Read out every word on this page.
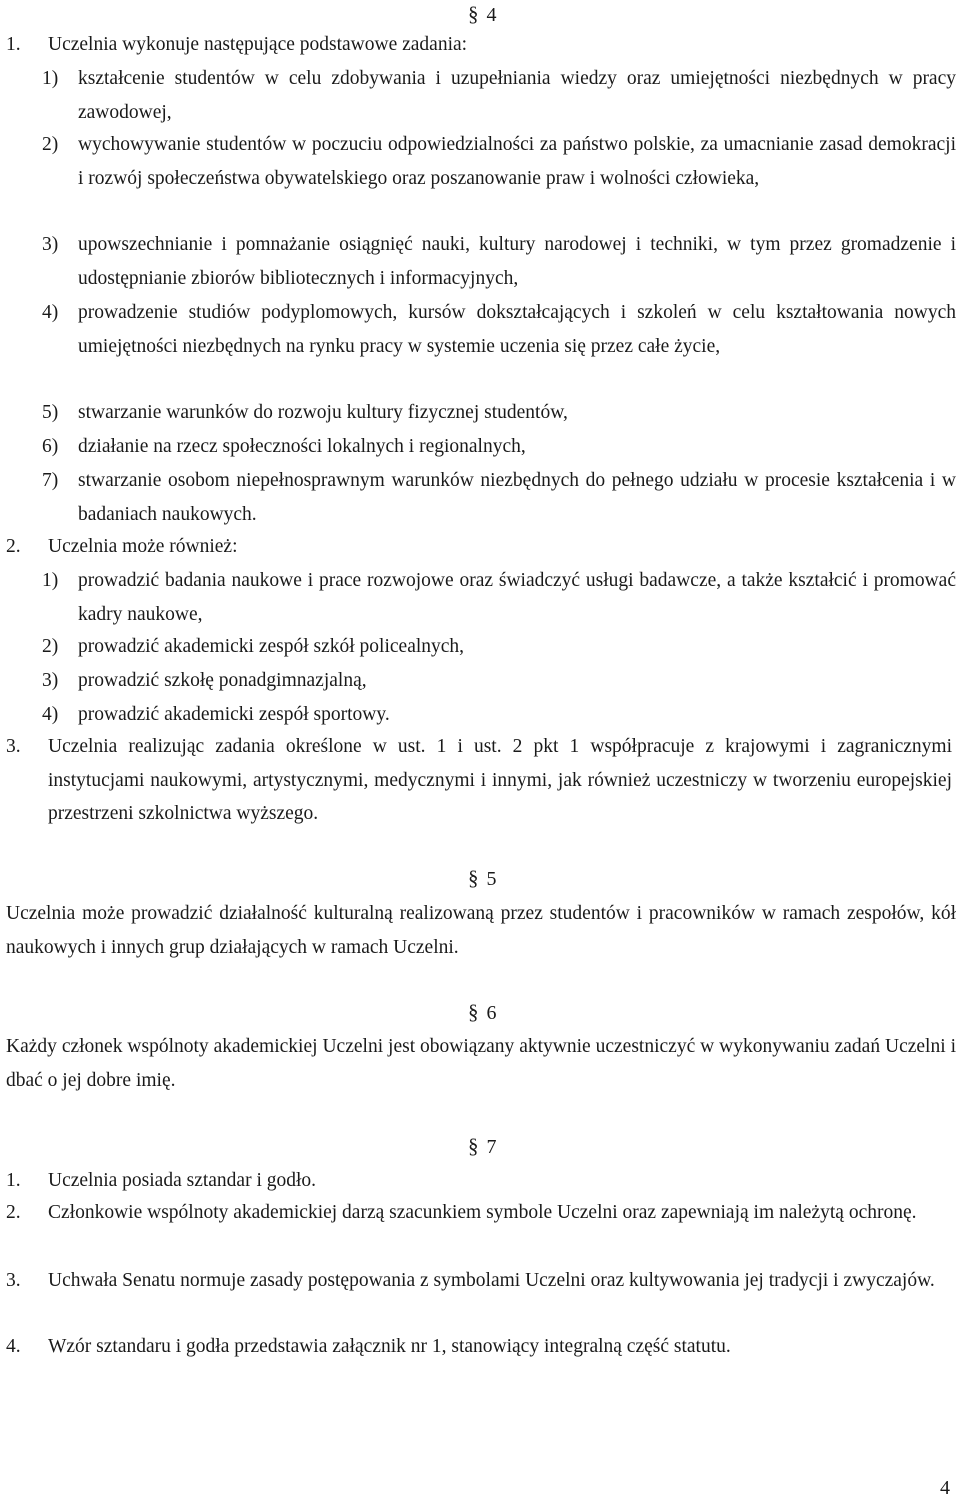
§ 4
1. Uczelnia wykonuje następujące podstawowe zadania:
1) kształcenie studentów w celu zdobywania i uzupełniania wiedzy oraz umiejętności niezbędnych w pracy zawodowej,
2) wychowywanie studentów w poczuciu odpowiedzialności za państwo polskie, za umacnianie zasad demokracji i rozwój społeczeństwa obywatelskiego oraz poszanowanie praw i wolności człowieka,
3) upowszechnianie i pomnażanie osiągnięć nauki, kultury narodowej i techniki, w tym przez gromadzenie i udostępnianie zbiorów bibliotecznych i informacyjnych,
4) prowadzenie studiów podyplomowych, kursów dokształcających i szkoleń w celu kształtowania nowych umiejętności niezbędnych na rynku pracy w systemie uczenia się przez całe życie,
5) stwarzanie warunków do rozwoju kultury fizycznej studentów,
6) działanie na rzecz społeczności lokalnych i regionalnych,
7) stwarzanie osobom niepełnosprawnym warunków niezbędnych do pełnego udziału w procesie kształcenia i w badaniach naukowych.
2. Uczelnia może również:
1) prowadzić badania naukowe i prace rozwojowe oraz świadczyć usługi badawcze, a także kształcić i promować kadry naukowe,
2) prowadzić akademicki zespół szkół policealnych,
3) prowadzić szkołę ponadgimnazjalną,
4) prowadzić akademicki zespół sportowy.
3. Uczelnia realizując zadania określone w ust. 1 i ust. 2 pkt 1 współpracuje z krajowymi i zagranicznymi instytucjami naukowymi, artystycznymi, medycznymi i innymi, jak również uczestniczy w tworzeniu europejskiej przestrzeni szkolnictwa wyższego.
§ 5
Uczelnia może prowadzić działalność kulturalną realizowaną przez studentów i pracowników w ramach zespołów, kół naukowych i innych grup działających w ramach Uczelni.
§ 6
Każdy członek wspólnoty akademickiej Uczelni jest obowiązany aktywnie uczestniczyć w wykonywaniu zadań Uczelni i dbać o jej dobre imię.
§ 7
1. Uczelnia posiada sztandar i godło.
2. Członkowie wspólnoty akademickiej darzą szacunkiem symbole Uczelni oraz zapewniają im należytą ochronę.
3. Uchwała Senatu normuje zasady postępowania z symbolami Uczelni oraz kultywowania jej tradycji i zwyczajów.
4. Wzór sztandaru i godła przedstawia załącznik nr 1, stanowiący integralną część statutu.
4
